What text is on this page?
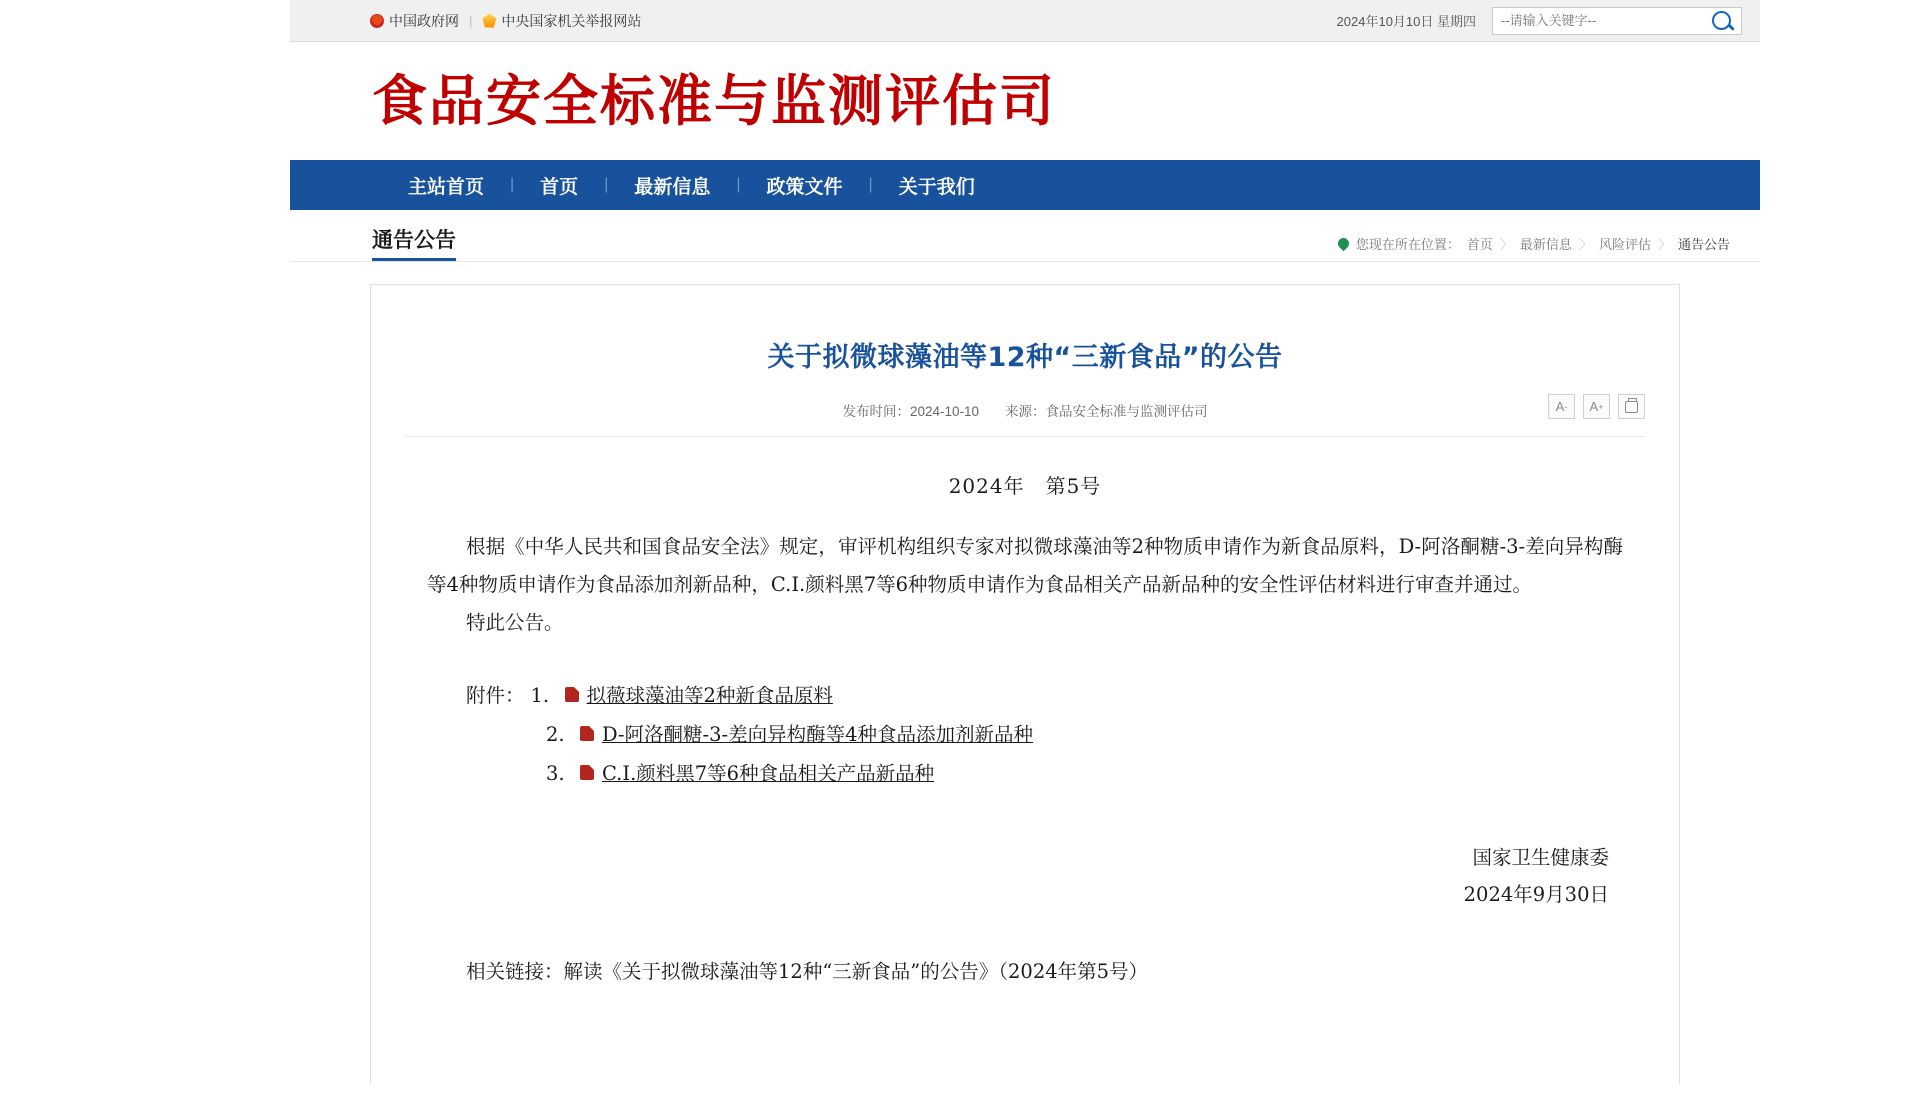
中国政府网 | 中央国家机关举报网站	2024年10月10日 星期四
--请输入关键字--
食品安全标准与监测评估司
主站首页	|	首页	|	最新信息	|	政策文件	|	关于我们
通告公告	您现在所在位置： 首页 〉 最新信息 〉 风险评估 〉 通告公告
关于拟微球藻油等12种“三新食品”的公告
发布时间：2024-10-10 来源：食品安全标准与监测评估司	A - A +
2024年　第5号

根据《中华人民共和国食品安全法》规定，审评机构组织专家对拟微球藻油等2种物质申请作为新食品原料，D-阿洛酮糖-3-差向异构酶等4种物质申请作为食品添加剂新品种，C.I.颜料黑7等6种物质申请作为食品相关产品新品种的安全性评估材料进行审查并通过。

特此公告。

附件： 1.	拟薇球藻油等2种新食品原料
2.	D-阿洛酮糖-3-差向异构酶等4种食品添加剂新品种
3.	C.I.颜料黑7等6种食品相关产品新品种
国家卫生健康委
2024年9月30日
相关链接：解读《关于拟微球藻油等12种“三新食品”的公告》（2024年第5号）
